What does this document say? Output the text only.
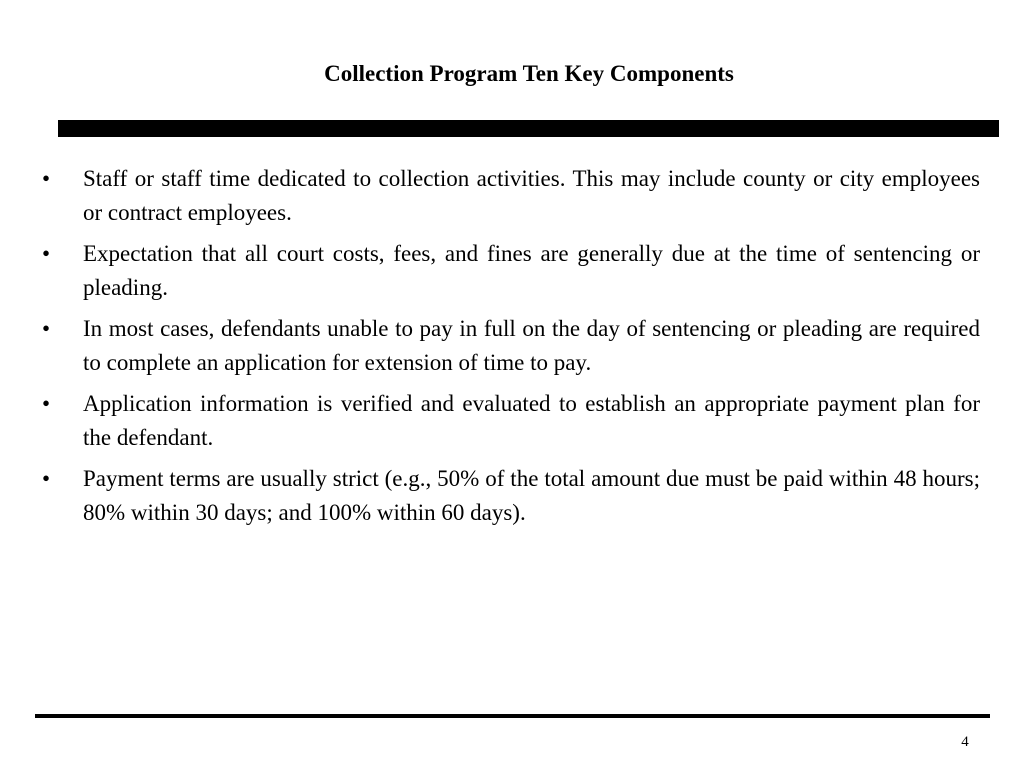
Collection Program Ten Key Components
•	Staff or staff time dedicated to collection activities. This may include county or city employees or contract employees.
•	Expectation that all court costs, fees, and fines are generally due at the time of sentencing or pleading.
•	In most cases, defendants unable to pay in full on the day of sentencing or pleading are required to complete an application for extension of time to pay.
•	Application information is verified and evaluated to establish an appropriate payment plan for the defendant.
•	Payment terms are usually strict (e.g., 50% of the total amount due must be paid within 48 hours; 80% within 30 days; and 100% within 60 days).
4
